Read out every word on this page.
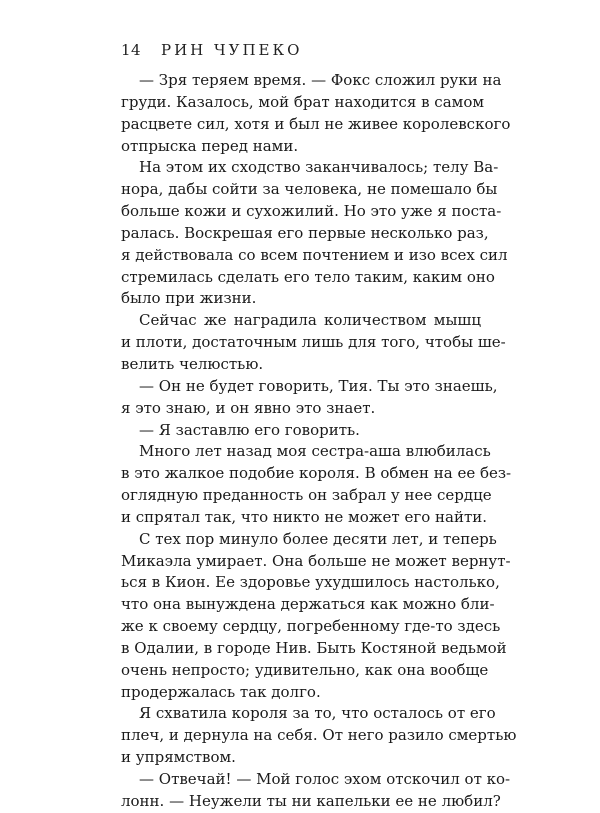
14 РИН ЧУПЕКО
— Зря теряем время. — Фокс сложил руки на
груди. Казалось, мой брат находится в самом
расцвете сил, хотя и был не живее королевского
отпрыска перед нами.
На этом их сходство заканчивалось; телу Ва-
нора, дабы сойти за человека, не помешало бы
больше кожи и сухожилий. Но это уже я поста-
ралась. Воскрешая его первые несколько раз,
я действовала со всем почтением и изо всех сил
стремилась сделать его тело таким, каким оно
было при жизни.
Сейчас же наградила количеством мышц
и плоти, достаточным лишь для того, чтобы ше-
велить челюстью.
— Он не будет говорить, Тия. Ты это знаешь,
я это знаю, и он явно это знает.
— Я заставлю его говорить.
Много лет назад моя сестра-аша влюбилась
в это жалкое подобие короля. В обмен на ее без-
оглядную преданность он забрал у нее сердце
и спрятал так, что никто не может его найти.
С тех пор минуло более десяти лет, и теперь
Микаэла умирает. Она больше не может вернут-
ься в Кион. Ее здоровье ухудшилось настолько,
что она вынуждена держаться как можно бли-
же к своему сердцу, погребенному где-то здесь
в Одалии, в городе Нив. Быть Костяной ведьмой
очень непросто; удивительно, как она вообще
продержалась так долго.
Я схватила короля за то, что осталось от его
плеч, и дернула на себя. От него разило смертью
и упрямством.
— Отвечай! — Мой голос эхом отскочил от ко-
лонн. — Неужели ты ни капельки ее не любил?
